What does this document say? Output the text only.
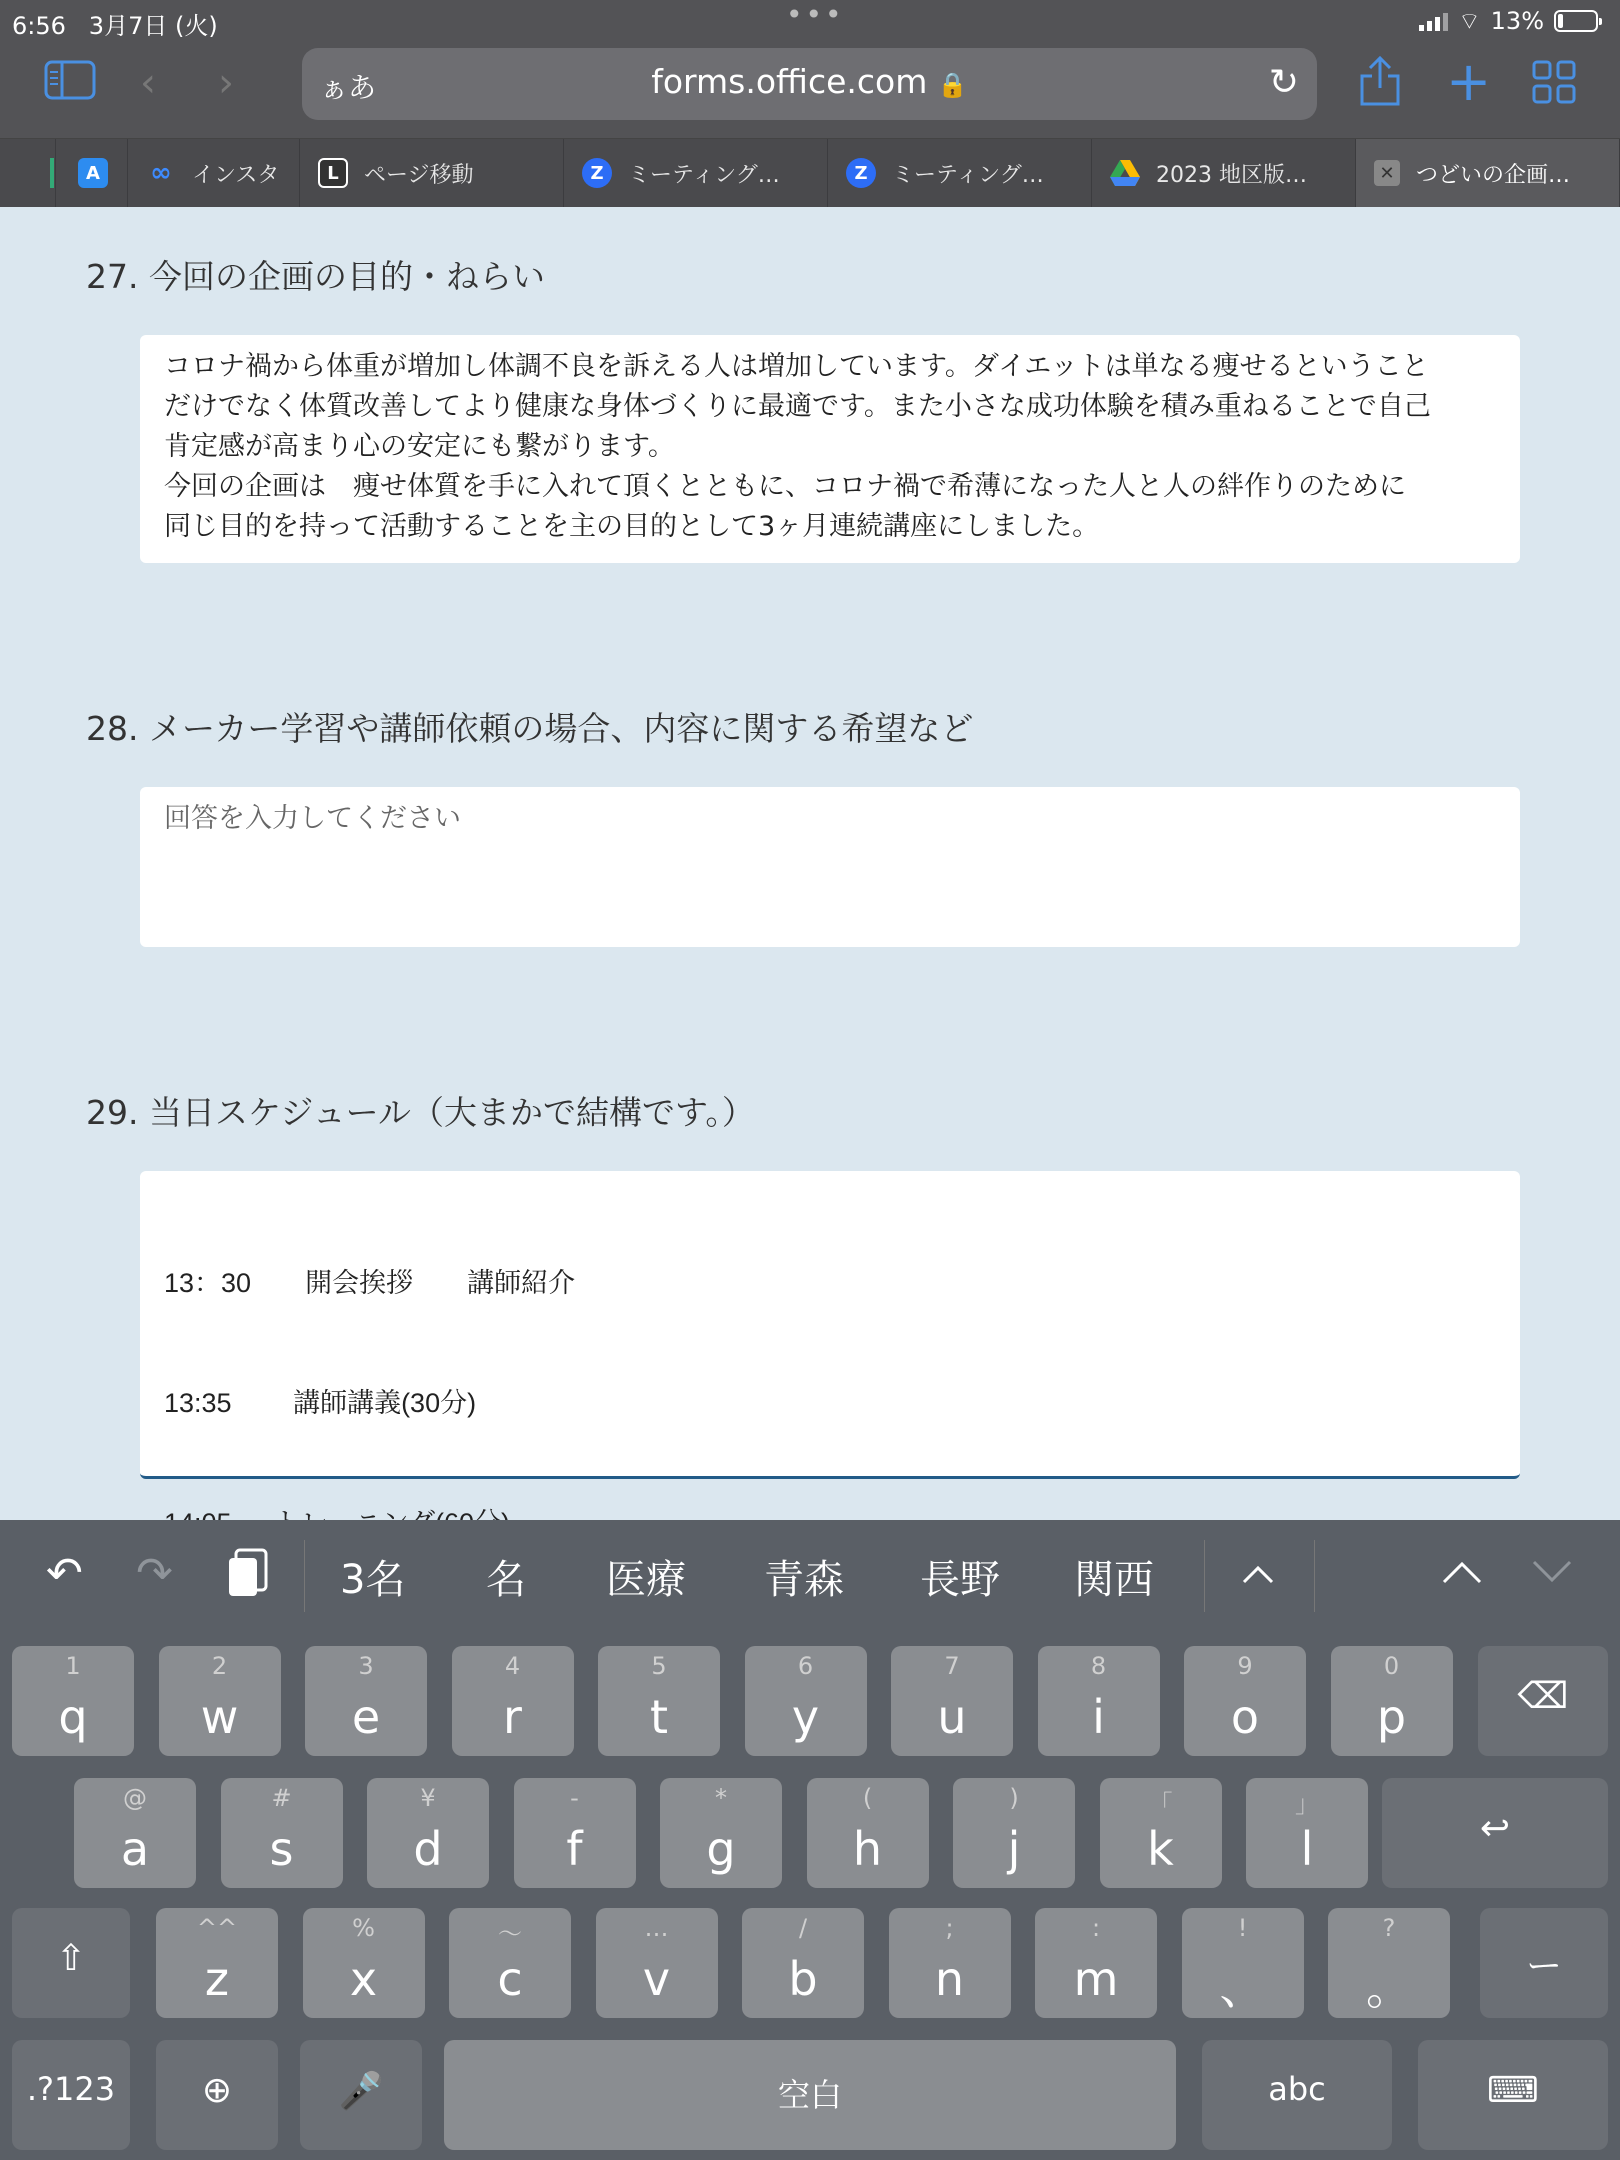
6:56 3月7日 (火)	•••	⌔ 13%
‹ ›	ぁあ	forms.office.com 🔒	↻	+
A	∞ インスタ	L	ページ移動	Z	ミーティング…	Z	ミーティング…	2023 地区版…	✕ つどいの企画…
27. 今回の企画の目的・ねらい
コロナ禍から体重が増加し体調不良を訴える人は増加しています。ダイエットは単なる痩せるということ
だけでなく体質改善してより健康な身体づくりに最適です。また小さな成功体験を積み重ねることで自己
肯定感が高まり心の安定にも繋がります。
今回の企画は　痩せ体質を手に入れて頂くとともに、コロナ禍で希薄になった人と人の絆作りのために
同じ目的を持って活動することを主の目的として3ヶ月連続講座にしました。
28. メーカー学習や講師依頼の場合、内容に関する希望など
回答を入力してください
29. 当日スケジュール（大まかで結構です。）

13：30　　開会挨拶　　講師紹介

13:35　　 講師講義(30分)

↶ ↷	3名 名 医療 青森 長野 関西
1
q
2
w
3
e
4
r
5
t
6
y
7
u
8
i
9
o
0
p	⌫
@
a
#
s
¥
d
-
f
*
g
(
h
)
j
「
k
」
l	↩
⇧
^^
z
%
x
〜
c
…
v
/
b
;
n
:
m
!
、
?
。	ー
.?123	⊕	🎤	空白	abc	⌨
